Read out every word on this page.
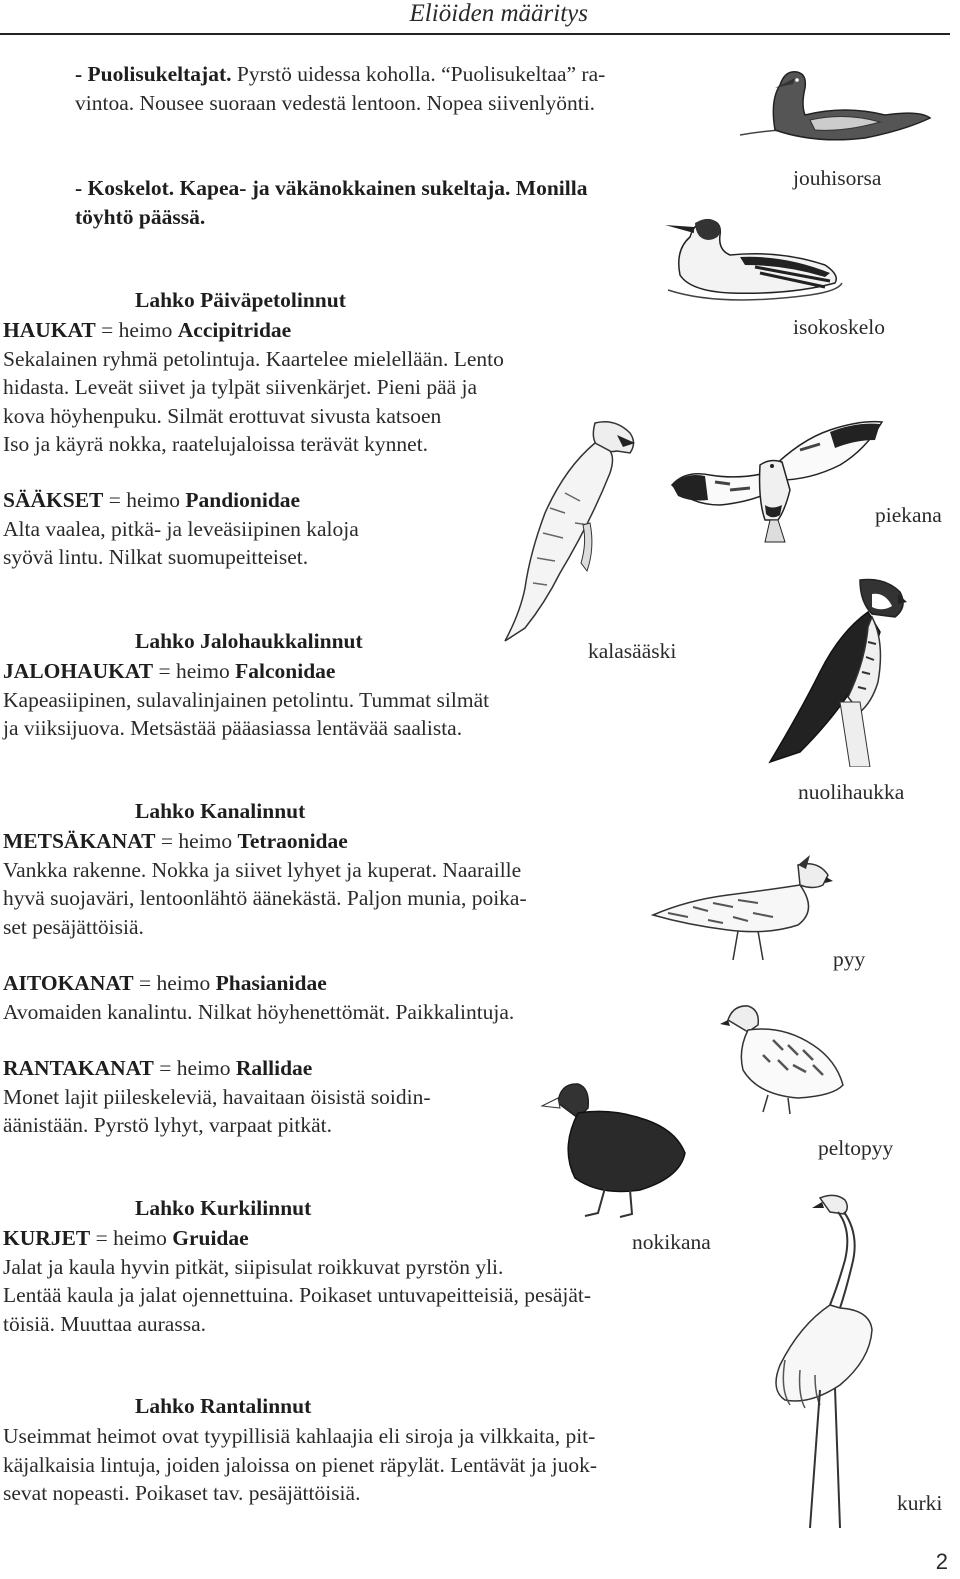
Eliöiden määritys
- Puolisukeltajat. Pyrstö uidessa koholla. “Puolisukeltaa” ra-
vintoa. Nousee suoraan vedestä lentoon. Nopea siivenlyönti.
- Koskelot. Kapea- ja väkänokkainen sukeltaja. Monilla
töyhtö päässä.
Lahko Päiväpetolinnut
HAUKAT = heimo Accipitridae
Sekalainen ryhmä petolintuja. Kaartelee mielellään. Lento
hidasta. Leveät siivet ja tylpät siivenkärjet. Pieni pää ja
kova höyhenpuku. Silmät erottuvat sivusta katsoen
Iso ja käyrä nokka, raatelujaloissa terävät kynnet.
SÄÄKSET = heimo Pandionidae
Alta vaalea, pitkä- ja leveäsiipinen kaloja
syövä lintu. Nilkat suomupeitteiset.
Lahko Jalohaukkalinnut
JALOHAUKAT = heimo Falconidae
Kapeasiipinen, sulavalinjainen petolintu. Tummat silmät
ja viiksijuova. Metsästää pääasiassa lentävää saalista.
Lahko Kanalinnut
METSÄKANAT = heimo Tetraonidae
Vankka rakenne. Nokka ja siivet lyhyet ja kuperat. Naaraille
hyvä suojaväri, lentoonlähtö äänekästä. Paljon munia, poika-
set pesäjättöisiä.
AITOKANAT = heimo Phasianidae
Avomaiden kanalintu. Nilkat höyhenettömät. Paikkalintuja.
RANTAKANAT = heimo Rallidae
Monet lajit piileskeleviä, havaitaan öisistä soidin-
äänistään. Pyrstö lyhyt, varpaat pitkät.
Lahko Kurkilinnut
KURJET = heimo Gruidae
Jalat ja kaula hyvin pitkät, siipisulat roikkuvat pyrstön yli.
Lentää kaula ja jalat ojennettuina. Poikaset untuvapeitteisiä, pesäjät-
töisiä. Muuttaa aurassa.
Lahko Rantalinnut
Useimmat heimot ovat tyypillisiä kahlaajia eli siroja ja vilkkaita, pit-
käjalkaisia lintuja, joiden jaloissa on pienet räpylät. Lentävät ja juok-
sevat nopeasti. Poikaset tav. pesäjättöisiä.
jouhisorsa
isokoskelo
piekana
kalasääski
nuolihaukka
pyy
peltopyy
nokikana
kurki
2
